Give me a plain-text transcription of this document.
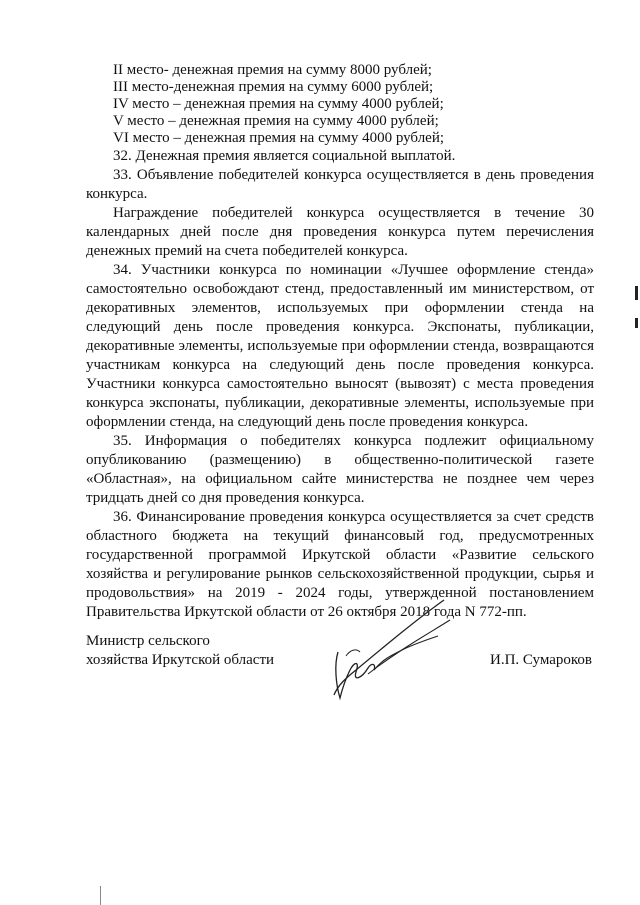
II место- денежная премия на сумму 8000 рублей;

III место-денежная премия на сумму 6000 рублей;

IV место – денежная премия на сумму 4000 рублей;

V место – денежная премия на сумму 4000 рублей;

VI место – денежная премия на сумму 4000 рублей;

32. Денежная премия является социальной выплатой.

33. Объявление победителей конкурса осуществляется в день проведения конкурса.

Награждение победителей конкурса осуществляется в течение 30 календарных дней после дня проведения конкурса путем перечисления денежных премий на счета победителей конкурса.

34. Участники конкурса по номинации «Лучшее оформление стенда» самостоятельно освобождают стенд, предоставленный им министерством, от декоративных элементов, используемых при оформлении стенда на следующий день после проведения конкурса. Экспонаты, публикации, декоративные элементы, используемые при оформлении стенда, возвращаются участникам конкурса на следующий день после проведения конкурса. Участники конкурса самостоятельно выносят (вывозят) с места проведения конкурса экспонаты, публикации, декоративные элементы, используемые при оформлении стенда, на следующий день после проведения конкурса.

35. Информация о победителях конкурса подлежит официальному опубликованию (размещению) в общественно-политической газете «Областная», на официальном сайте министерства не позднее чем через тридцать дней со дня проведения конкурса.

36. Финансирование проведения конкурса осуществляется за счет средств областного бюджета на текущий финансовый год, предусмотренных государственной программой Иркутской области «Развитие сельского хозяйства и регулирование рынков сельскохозяйственной продукции, сырья и продовольствия» на 2019 - 2024 годы, утвержденной постановлением Правительства Иркутской области от 26 октября 2018 года N 772-пп.

Министр сельского

хозяйства Иркутской области	И.П. Сумароков
